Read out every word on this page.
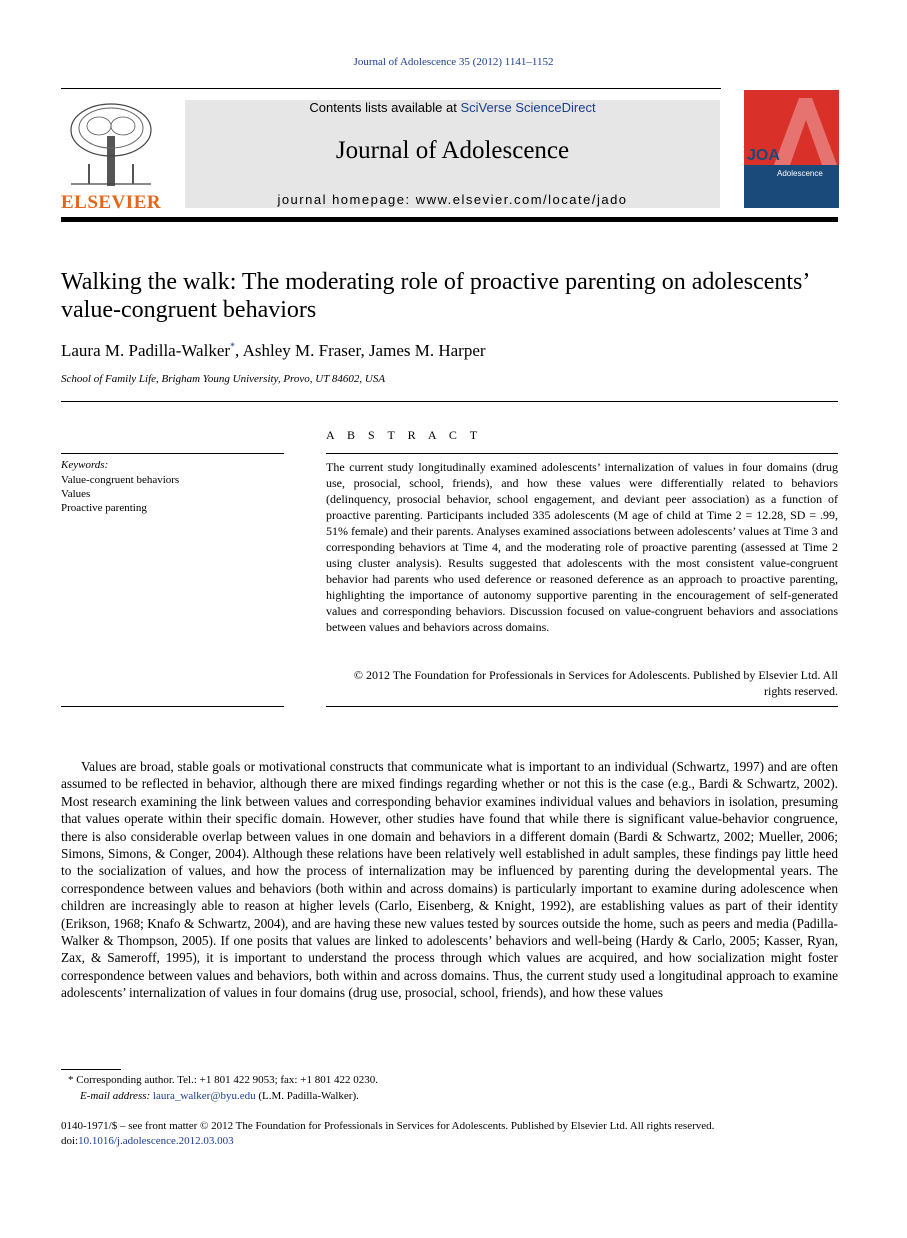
Journal of Adolescence 35 (2012) 1141–1152
ELSEVIER
Contents lists available at SciVerse ScienceDirect
Journal of Adolescence
journal homepage: www.elsevier.com/locate/jado
JOA
Adolescence
Walking the walk: The moderating role of proactive parenting on adolescents’ value-congruent behaviors
Laura M. Padilla-Walker*, Ashley M. Fraser, James M. Harper
School of Family Life, Brigham Young University, Provo, UT 84602, USA
A B S T R A C T
Keywords:
Value-congruent behaviors
Values
Proactive parenting
The current study longitudinally examined adolescents’ internalization of values in four domains (drug use, prosocial, school, friends), and how these values were differentially related to behaviors (delinquency, prosocial behavior, school engagement, and deviant peer association) as a function of proactive parenting. Participants included 335 adolescents (M age of child at Time 2 = 12.28, SD = .99, 51% female) and their parents. Analyses examined associations between adolescents’ values at Time 3 and corresponding behaviors at Time 4, and the moderating role of proactive parenting (assessed at Time 2 using cluster analysis). Results suggested that adolescents with the most consistent value-congruent behavior had parents who used deference or reasoned deference as an approach to proactive parenting, highlighting the importance of autonomy supportive parenting in the encouragement of self-generated values and corresponding behaviors. Discussion focused on value-congruent behaviors and associations between values and behaviors across domains.
© 2012 The Foundation for Professionals in Services for Adolescents. Published by Elsevier Ltd. All rights reserved.
Values are broad, stable goals or motivational constructs that communicate what is important to an individual (Schwartz, 1997) and are often assumed to be reflected in behavior, although there are mixed findings regarding whether or not this is the case (e.g., Bardi & Schwartz, 2002). Most research examining the link between values and corresponding behavior examines individual values and behaviors in isolation, presuming that values operate within their specific domain. However, other studies have found that while there is significant value-behavior congruence, there is also considerable overlap between values in one domain and behaviors in a different domain (Bardi & Schwartz, 2002; Mueller, 2006; Simons, Simons, & Conger, 2004). Although these relations have been relatively well established in adult samples, these findings pay little heed to the socialization of values, and how the process of internalization may be influenced by parenting during the developmental years. The correspondence between values and behaviors (both within and across domains) is particularly important to examine during adolescence when children are increasingly able to reason at higher levels (Carlo, Eisenberg, & Knight, 1992), are establishing values as part of their identity (Erikson, 1968; Knafo & Schwartz, 2004), and are having these new values tested by sources outside the home, such as peers and media (Padilla-Walker & Thompson, 2005). If one posits that values are linked to adolescents’ behaviors and well-being (Hardy & Carlo, 2005; Kasser, Ryan, Zax, & Sameroff, 1995), it is important to understand the process through which values are acquired, and how socialization might foster correspondence between values and behaviors, both within and across domains. Thus, the current study used a longitudinal approach to examine adolescents’ internalization of values in four domains (drug use, prosocial, school, friends), and how these values
* Corresponding author. Tel.: +1 801 422 9053; fax: +1 801 422 0230.
E-mail address: laura_walker@byu.edu (L.M. Padilla-Walker).
0140-1971/$ – see front matter © 2012 The Foundation for Professionals in Services for Adolescents. Published by Elsevier Ltd. All rights reserved.
doi:10.1016/j.adolescence.2012.03.003
